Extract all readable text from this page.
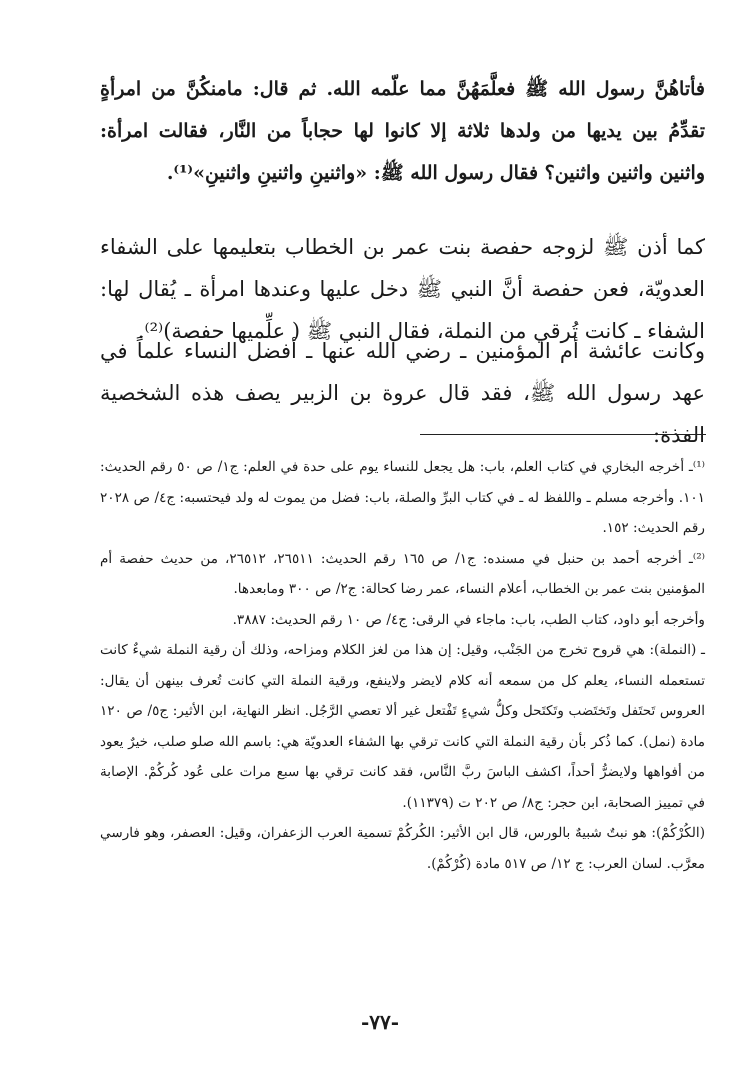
فأتاهُنَّ رسول الله ﷺ فعلَّمَهُنَّ مما علّمه الله. ثم قال: مامنكُنَّ من امرأةٍ تقدِّمُ بين يديها من ولدها ثلاثة إلا كانوا لها حجاباً من النَّار، فقالت امرأة: واثنين واثنين واثنين؟ فقال رسول الله ﷺ: «واثنينِ واثنينِ واثنينِ»⁽¹⁾.

كما أذن ﷺ لزوجه حفصة بنت عمر بن الخطاب بتعليمها على الشفاء العدويّة، فعن حفصة أنَّ النبي ﷺ دخل عليها وعندها امرأة ـ يُقال لها: الشفاء ـ كانت تُرقي من النملة، فقال النبي ﷺ ( علِّميها حفصة)⁽²⁾.

وكانت عائشة أم المؤمنين ـ رضي الله عنها ـ أفضل النساء علماً في عهد رسول الله ﷺ، فقد قال عروة بن الزبير يصف هذه الشخصية الفذة:

⁽¹⁾ـ أخرجه البخاري في كتاب العلم، باب: هل يجعل للنساء يوم على حدة في العلم: ج١/ ص ٥٠ رقم الحديث: ١٠١. وأخرجه مسلم ـ واللفظ له ـ في كتاب البرِّ والصلة، باب: فضل من يموت له ولد فيحتسبه: ج٤/ ص ٢٠٢٨ رقم الحديث: ١٥٢.

⁽²⁾ـ أخرجه أحمد بن حنبل في مسنده: ج١/ ص ١٦٥ رقم الحديث: ٢٦٥١١، ٢٦٥١٢، من حديث حفصة أم المؤمنين بنت عمر بن الخطاب، أعلام النساء، عمر رضا كحالة: ج٢/ ص ٣٠٠ ومابعدها.

وأخرجه أبو داود، كتاب الطب، باب: ماجاء في الرقى: ج٤/ ص ١٠ رقم الحديث: ٣٨٨٧.

ـ (النملة): هي قروح تخرج من الجَنْب، وقيل: إن هذا من لغز الكلام ومزاحه، وذلك أن رقية النملة شيءٌ كانت تستعمله النساء، يعلم كل من سمعه أنه كلام لايضر ولاينفع، ورقية النملة التي كانت تُعرف بينهن أن يقال: العروس تَحتَفل وتَختَضب وتَكتَحل وكلُّ شيءٍ تَفْتعل غير ألا تعصي الرَّجُل. انظر النهاية، ابن الأثير: ج٥/ ص ١٢٠ مادة (نمل). كما ذُكر بأن رقية النملة التي كانت ترقي بها الشفاء العدويّة هي: باسم الله صلو صلب، خيرٌ يعود من أفواهها ولايضرُّ أحداً، اكشف الباسَ ربَّ النَّاس، فقد كانت ترقي بها سبع مرات على عُود كُركُمْ. الإصابة في تمييز الصحابة، ابن حجر: ج٨/ ص ٢٠٢ ت (١١٣٧٩).

(الكُرْكُمْ): هو نبتٌ شبيهٌ بالورس، قال ابن الأثير: الكُركُمْ تسمية العرب الزعفران، وقيل: العصفر، وهو فارسي معرَّب. لسان العرب: ج ١٢/ ص ٥١٧ مادة (كُرْكُمْ).

-٧٧-
